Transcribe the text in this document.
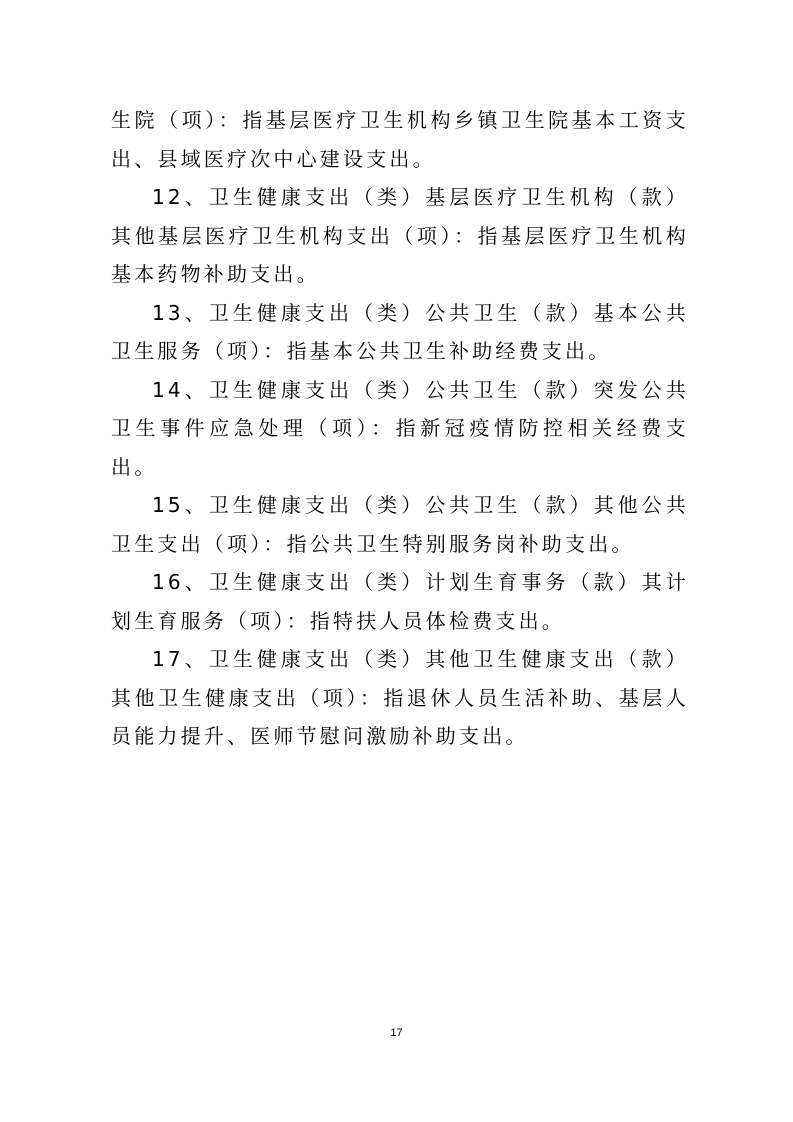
生院（项）：指基层医疗卫生机构乡镇卫生院基本工资支出、县域医疗次中心建设支出。

12、卫生健康支出（类）基层医疗卫生机构（款）其他基层医疗卫生机构支出（项）：指基层医疗卫生机构基本药物补助支出。

13、卫生健康支出（类）公共卫生（款）基本公共卫生服务（项）：指基本公共卫生补助经费支出。

14、卫生健康支出（类）公共卫生（款）突发公共卫生事件应急处理（项）：指新冠疫情防控相关经费支出。

15、卫生健康支出（类）公共卫生（款）其他公共卫生支出（项）：指公共卫生特别服务岗补助支出。

16、卫生健康支出（类）计划生育事务（款）其计划生育服务（项）：指特扶人员体检费支出。

17、卫生健康支出（类）其他卫生健康支出（款）其他卫生健康支出（项）：指退休人员生活补助、基层人员能力提升、医师节慰问激励补助支出。

17
